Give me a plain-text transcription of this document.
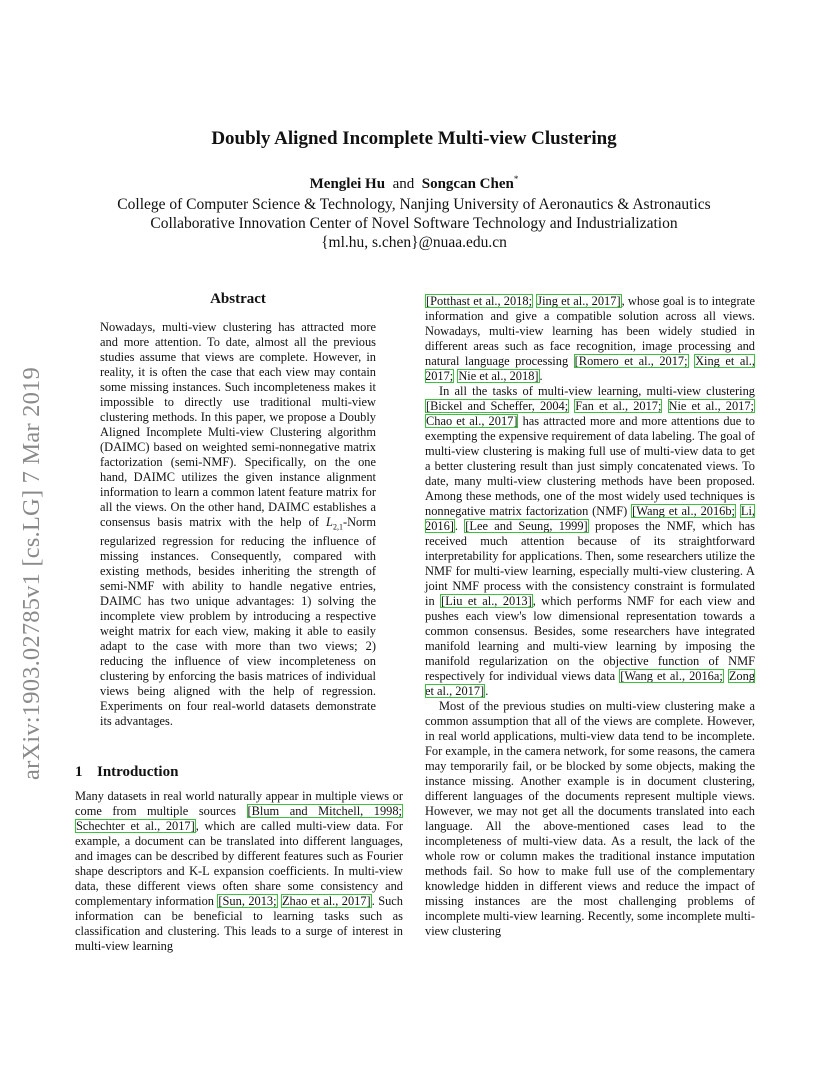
arXiv:1903.02785v1 [cs.LG] 7 Mar 2019
Doubly Aligned Incomplete Multi-view Clustering
Menglei Hu and Songcan Chen*
College of Computer Science & Technology, Nanjing University of Aeronautics & Astronautics
Collaborative Innovation Center of Novel Software Technology and Industrialization
{ml.hu, s.chen}@nuaa.edu.cn
Abstract
Nowadays, multi-view clustering has attracted more and more attention. To date, almost all the previous studies assume that views are complete. However, in reality, it is often the case that each view may contain some missing instances. Such incompleteness makes it impossible to directly use traditional multi-view clustering methods. In this paper, we propose a Doubly Aligned Incomplete Multi-view Clustering algorithm (DAIMC) based on weighted semi-nonnegative matrix factorization (semi-NMF). Specifically, on the one hand, DAIMC utilizes the given instance alignment information to learn a common latent feature matrix for all the views. On the other hand, DAIMC establishes a consensus basis matrix with the help of $L_{2,1}$-Norm regularized regression for reducing the influence of missing instances. Consequently, compared with existing methods, besides inheriting the strength of semi-NMF with ability to handle negative entries, DAIMC has two unique advantages: 1) solving the incomplete view problem by introducing a respective weight matrix for each view, making it able to easily adapt to the case with more than two views; 2) reducing the influence of view incompleteness on clustering by enforcing the basis matrices of individual views being aligned with the help of regression. Experiments on four real-world datasets demonstrate its advantages.
1 Introduction

Many datasets in real world naturally appear in multiple views or come from multiple sources [Blum and Mitchell, 1998; Schechter et al., 2017], which are called multi-view data. For example, a document can be translated into different languages, and images can be described by different features such as Fourier shape descriptors and K-L expansion coefficients. In multi-view data, these different views often share some consistency and complementary information [Sun, 2013; Zhao et al., 2017]. Such information can be beneficial to learning tasks such as classification and clustering. This leads to a surge of interest in multi-view learning

[Potthast et al., 2018; Jing et al., 2017], whose goal is to integrate information and give a compatible solution across all views. Nowadays, multi-view learning has been widely studied in different areas such as face recognition, image processing and natural language processing [Romero et al., 2017; Xing et al., 2017; Nie et al., 2018].

In all the tasks of multi-view learning, multi-view clustering [Bickel and Scheffer, 2004; Fan et al., 2017; Nie et al., 2017; Chao et al., 2017] has attracted more and more attentions due to exempting the expensive requirement of data labeling. The goal of multi-view clustering is making full use of multi-view data to get a better clustering result than just simply concatenated views. To date, many multi-view clustering methods have been proposed. Among these methods, one of the most widely used techniques is nonnegative matrix factorization (NMF) [Wang et al., 2016b; Li, 2016]. [Lee and Seung, 1999] proposes the NMF, which has received much attention because of its straightforward interpretability for applications. Then, some researchers utilize the NMF for multi-view learning, especially multi-view clustering. A joint NMF process with the consistency constraint is formulated in [Liu et al., 2013], which performs NMF for each view and pushes each view's low dimensional representation towards a common consensus. Besides, some researchers have integrated manifold learning and multi-view learning by imposing the manifold regularization on the objective function of NMF respectively for individual views data [Wang et al., 2016a; Zong et al., 2017].

Most of the previous studies on multi-view clustering make a common assumption that all of the views are complete. However, in real world applications, multi-view data tend to be incomplete. For example, in the camera network, for some reasons, the camera may temporarily fail, or be blocked by some objects, making the instance missing. Another example is in document clustering, different languages of the documents represent multiple views. However, we may not get all the documents translated into each language. All the above-mentioned cases lead to the incompleteness of multi-view data. As a result, the lack of the whole row or column makes the traditional instance imputation methods fail. So how to make full use of the complementary knowledge hidden in different views and reduce the impact of missing instances are the most challenging problems of incomplete multi-view learning. Recently, some incomplete multi-view clustering
